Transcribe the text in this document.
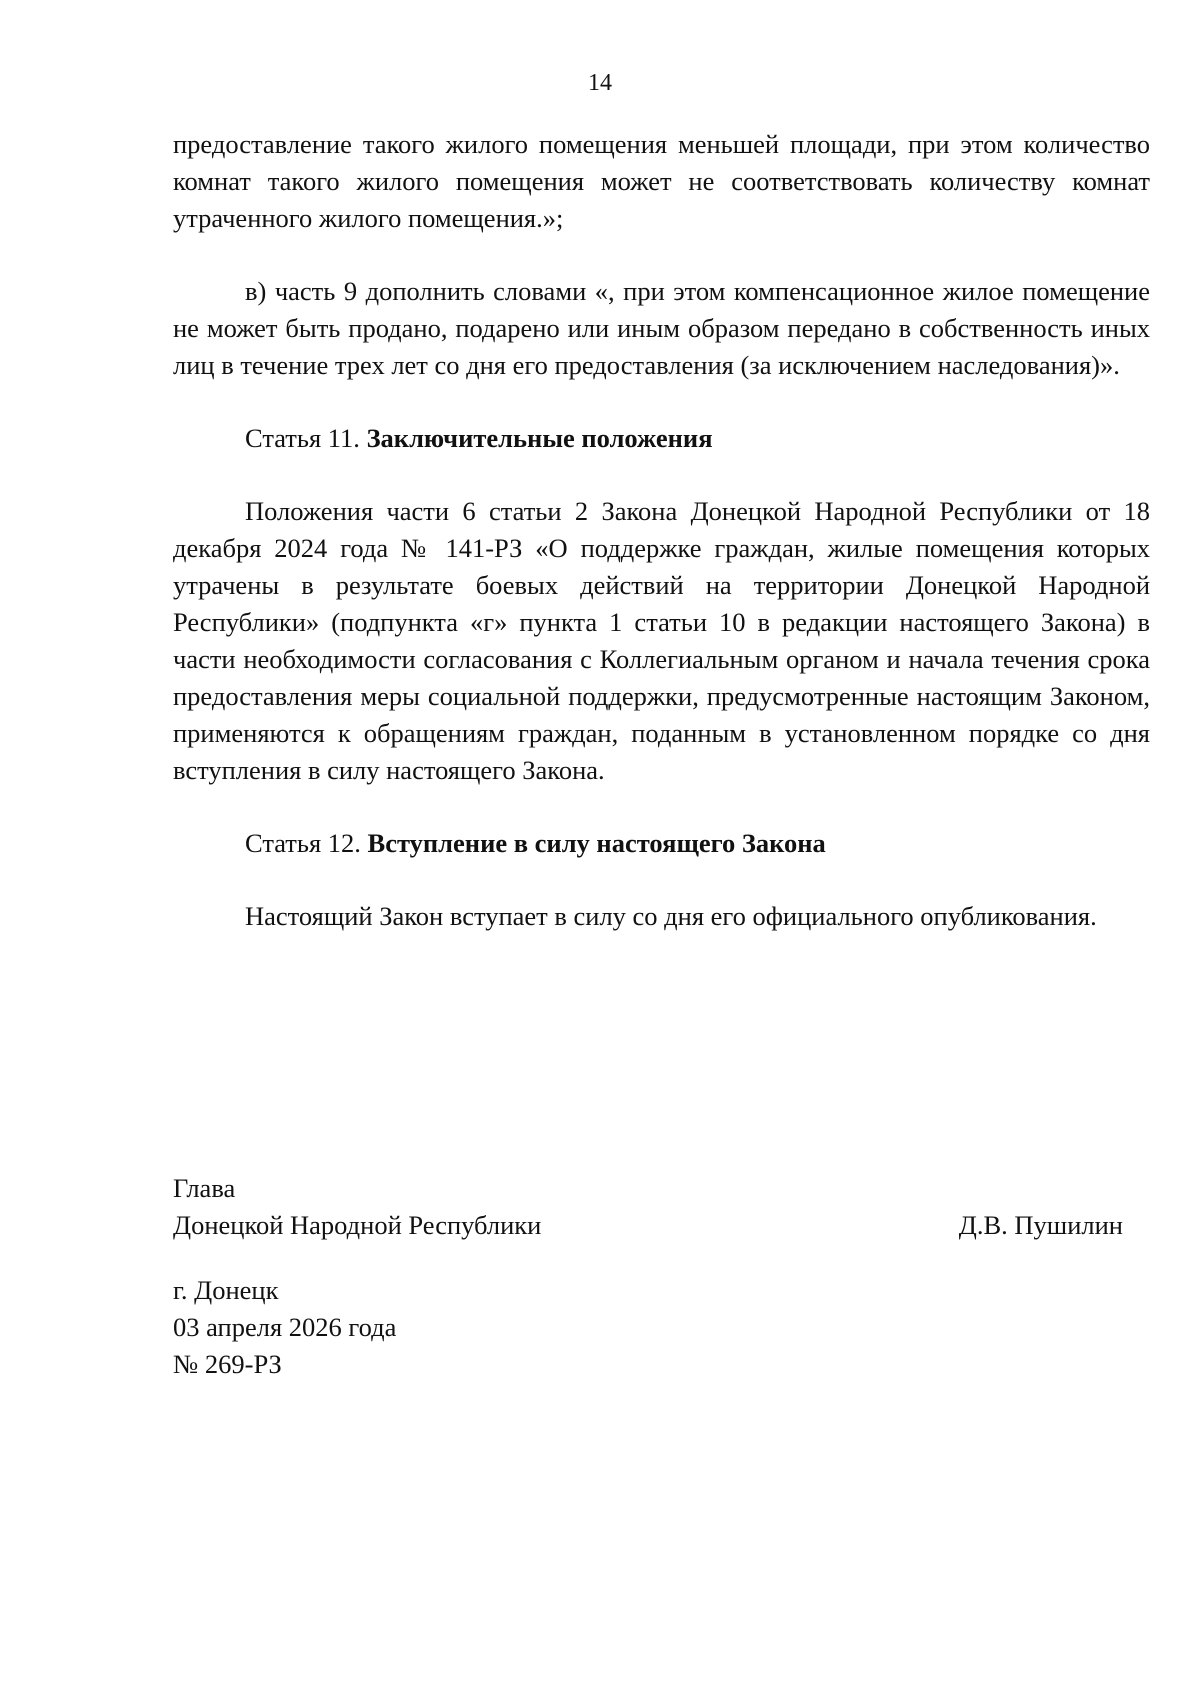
14

предоставление такого жилого помещения меньшей площади, при этом количество комнат такого жилого помещения может не соответствовать количеству комнат утраченного жилого помещения.»;

в) часть 9 дополнить словами «, при этом компенсационное жилое помещение не может быть продано, подарено или иным образом передано в собственность иных лиц в течение трех лет со дня его предоставления (за исключением наследования)».

Статья 11. Заключительные положения

Положения части 6 статьи 2 Закона Донецкой Народной Республики от 18 декабря 2024 года № 141-РЗ «О поддержке граждан, жилые помещения которых утрачены в результате боевых действий на территории Донецкой Народной Республики» (подпункта «г» пункта 1 статьи 10 в редакции настоящего Закона) в части необходимости согласования с Коллегиальным органом и начала течения срока предоставления меры социальной поддержки, предусмотренные настоящим Законом, применяются к обращениям граждан, поданным в установленном порядке со дня вступления в силу настоящего Закона.

Статья 12. Вступление в силу настоящего Закона

Настоящий Закон вступает в силу со дня его официального опубликования.

Глава
Донецкой Народной Республики	Д.В. Пушилин
г. Донецк
03 апреля 2026 года
№ 269-РЗ
